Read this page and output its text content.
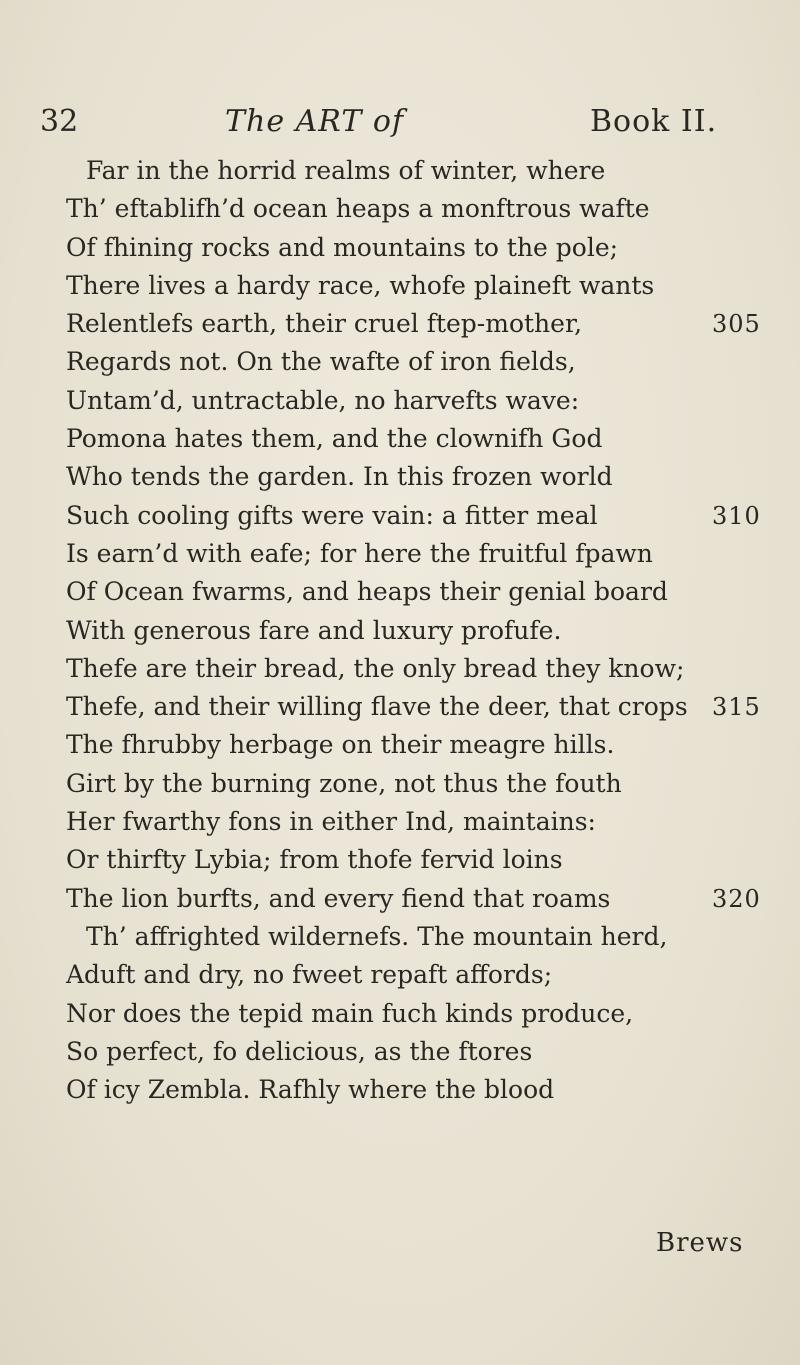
32	The ART of	Book II.
Far in the horrid realms of winter, where
Th’ eftablifh’d ocean heaps a monftrous wafte
Of fhining rocks and mountains to the pole;
There lives a hardy race, whofe plaineft wants
Relentlefs earth, their cruel ftep-mother,	305
Regards not. On the wafte of iron fields,
Untam’d, untractable, no harvefts wave:
Pomona hates them, and the clownifh God
Who tends the garden. In this frozen world
Such cooling gifts were vain: a fitter meal	310
Is earn’d with eafe; for here the fruitful fpawn
Of Ocean fwarms, and heaps their genial board
With generous fare and luxury profufe.
Thefe are their bread, the only bread they know;
Thefe, and their willing flave the deer, that crops 315
The fhrubby herbage on their meagre hills.
Girt by the burning zone, not thus the fouth
Her fwarthy fons in either Ind, maintains:
Or thirfty Lybia; from thofe fervid loins
The lion burfts, and every fiend that roams	320
Th’ affrighted wildernefs. The mountain herd,
Aduft and dry, no fweet repaft affords;
Nor does the tepid main fuch kinds produce,
So perfect, fo delicious, as the ftores
Of icy Zembla. Rafhly where the blood
Brews
